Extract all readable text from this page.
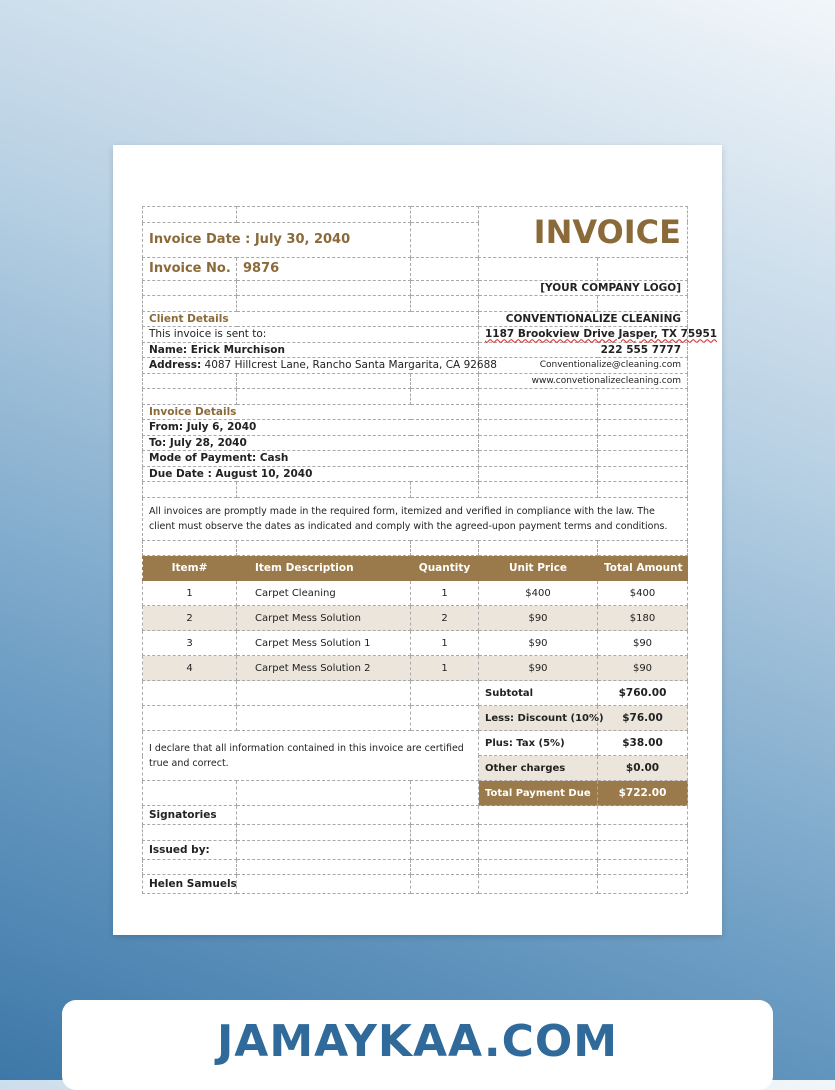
			INVOICE	
Invoice Date : July 30, 2040				
Invoice No.	9876			
			[YOUR COMPANY LOGO]	

Client Details			CONVENTIONALIZE CLEANING	
This invoice is sent to:			1187 Brookview Drive Jasper, TX 75951	
Name: Erick Murchison			222 555 7777	
Address: 4087 Hillcrest Lane, Rancho Santa Margarita, CA 92688			Conventionalize@cleaning.com	
			www.convetionalizecleaning.com	

Invoice Details				
From: July 6, 2040				
To: July 28, 2040				
Mode of Payment: Cash				
Due Date : August 10, 2040				

All invoices are promptly made in the required form, itemized and verified in compliance with the law. The client must observe the dates as indicated and comply with the agreed-upon payment terms and conditions.				

Item#	Item Description	Quantity	Unit Price	Total Amount
1	Carpet Cleaning	1	$400	$400
2	Carpet Mess Solution	2	$90	$180
3	Carpet Mess Solution 1	1	$90	$90
4	Carpet Mess Solution 2	1	$90	$90
			Subtotal	$760.00
			Less: Discount (10%)	$76.00
I declare that all information contained in this invoice are certified true and correct.			Plus: Tax (5%)	$38.00
			Other charges	$0.00
			Total Payment Due	$722.00
Signatories				

Issued by:				

Helen Samuels				
JAMAYKAA.COM
